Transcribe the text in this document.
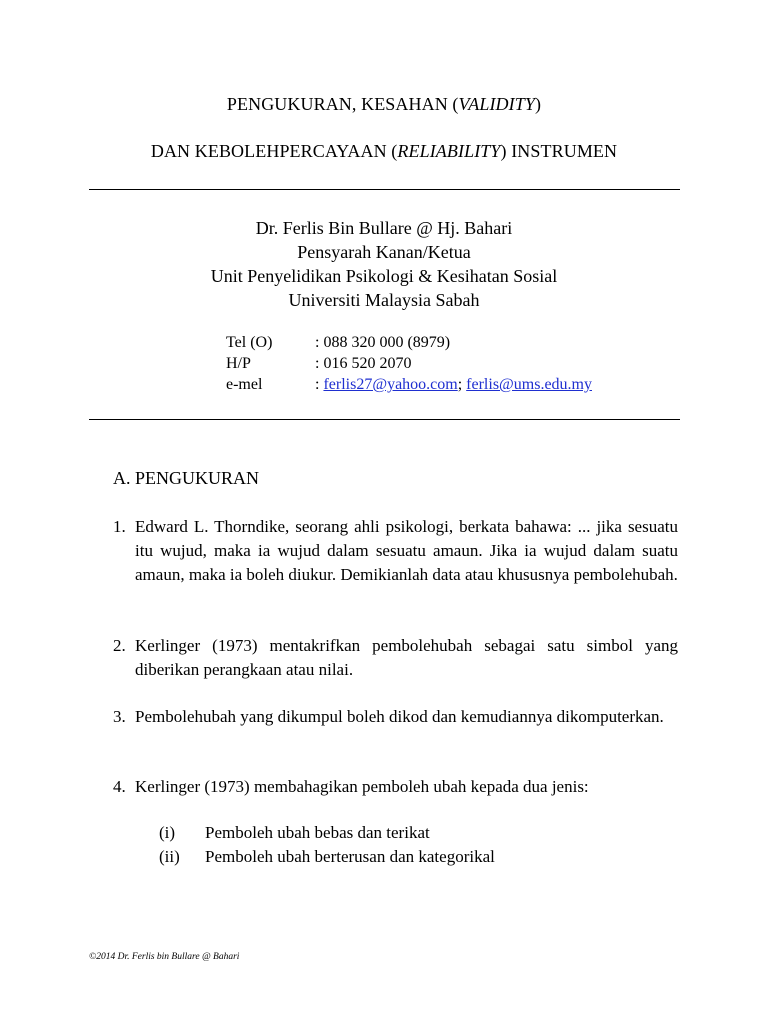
PENGUKURAN, KESAHAN (VALIDITY)
DAN KEBOLEHPERCAYAAN (RELIABILITY) INSTRUMEN
Dr. Ferlis Bin Bullare @ Hj. Bahari
Pensyarah Kanan/Ketua
Unit Penyelidikan Psikologi & Kesihatan Sosial
Universiti Malaysia Sabah
Tel (O)	: 088 320 000 (8979)
H/P	: 016 520 2070
e-mel	: ferlis27@yahoo.com; ferlis@ums.edu.my
A. PENGUKURAN
1. Edward L. Thorndike, seorang ahli psikologi, berkata bahawa: ... jika sesuatu itu wujud, maka ia wujud dalam sesuatu amaun. Jika ia wujud dalam suatu amaun, maka ia boleh diukur. Demikianlah data atau khususnya pembolehubah.
2. Kerlinger (1973) mentakrifkan pembolehubah sebagai satu simbol yang diberikan perangkaan atau nilai.
3. Pembolehubah yang dikumpul boleh dikod dan kemudiannya dikomputerkan.
4. Kerlinger (1973) membahagikan pemboleh ubah kepada dua jenis:
(i) Pemboleh ubah bebas dan terikat
(ii) Pemboleh ubah berterusan dan kategorikal
©2014 Dr. Ferlis bin Bullare @ Bahari
